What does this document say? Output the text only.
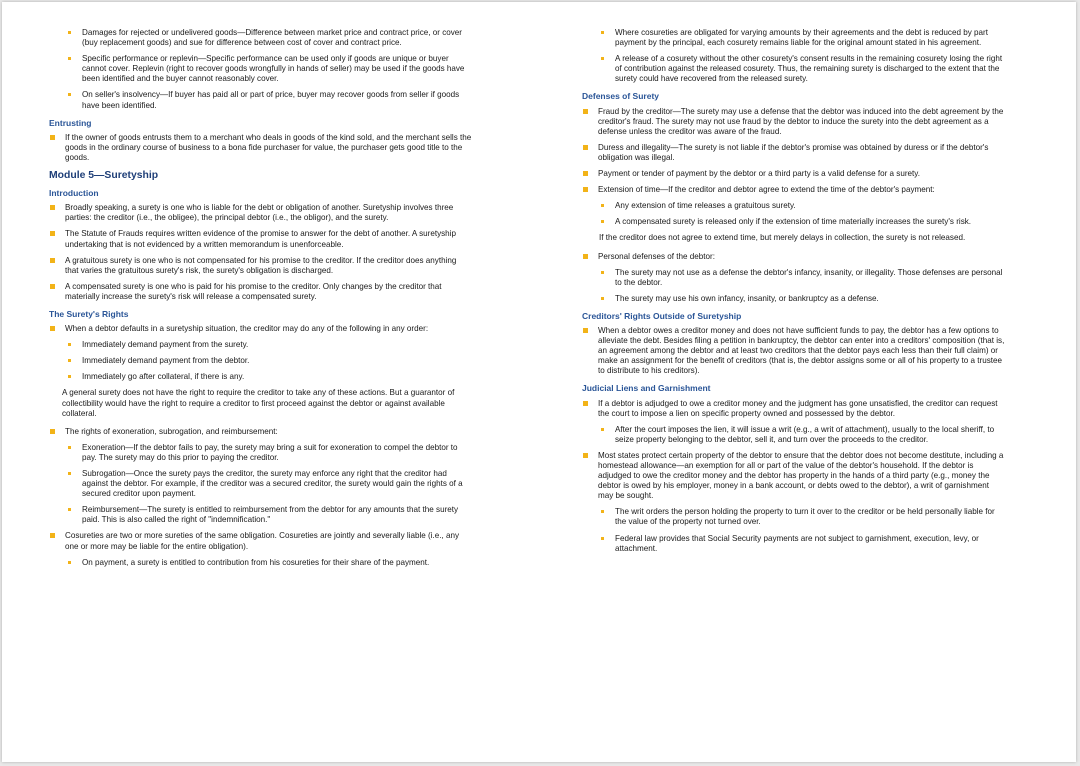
Damages for rejected or undelivered goods—Difference between market price and contract price, or cover (buy replacement goods) and sue for difference between cost of cover and contract price.
Specific performance or replevin—Specific performance can be used only if goods are unique or buyer cannot cover. Replevin (right to recover goods wrongfully in hands of seller) may be used if the goods have been identified and the buyer cannot reasonably cover.
On seller's insolvency—If buyer has paid all or part of price, buyer may recover goods from seller if goods have been identified.
Entrusting
If the owner of goods entrusts them to a merchant who deals in goods of the kind sold, and the merchant sells the goods in the ordinary course of business to a bona fide purchaser for value, the purchaser gets good title to the goods.
Module 5—Suretyship
Introduction
Broadly speaking, a surety is one who is liable for the debt or obligation of another. Suretyship involves three parties: the creditor (i.e., the obligee), the principal debtor (i.e., the obligor), and the surety.
The Statute of Frauds requires written evidence of the promise to answer for the debt of another. A suretyship undertaking that is not evidenced by a written memorandum is unenforceable.
A gratuitous surety is one who is not compensated for his promise to the creditor. If the creditor does anything that varies the gratuitous surety's risk, the surety's obligation is discharged.
A compensated surety is one who is paid for his promise to the creditor. Only changes by the creditor that materially increase the surety's risk will release a compensated surety.
The Surety's Rights
When a debtor defaults in a suretyship situation, the creditor may do any of the following in any order:
Immediately demand payment from the surety.
Immediately demand payment from the debtor.
Immediately go after collateral, if there is any.
A general surety does not have the right to require the creditor to take any of these actions. But a guarantor of collectibility would have the right to require a creditor to first proceed against the debtor or against available collateral.
The rights of exoneration, subrogation, and reimbursement:
Exoneration—If the debtor fails to pay, the surety may bring a suit for exoneration to compel the debtor to pay. The surety may do this prior to paying the creditor.
Subrogation—Once the surety pays the creditor, the surety may enforce any right that the creditor had against the debtor. For example, if the creditor was a secured creditor, the surety would gain the rights of a secured creditor upon payment.
Reimbursement—The surety is entitled to reimbursement from the debtor for any amounts that the surety paid. This is also called the right of "indemnification."
Cosureties are two or more sureties of the same obligation. Cosureties are jointly and severally liable (i.e., any one or more may be liable for the entire obligation).
On payment, a surety is entitled to contribution from his cosureties for their share of the payment.
Where cosureties are obligated for varying amounts by their agreements and the debt is reduced by part payment by the principal, each cosurety remains liable for the original amount stated in his agreement.
A release of a cosurety without the other cosurety's consent results in the remaining cosurety losing the right of contribution against the released cosurety. Thus, the remaining surety is discharged to the extent that the surety could have recovered from the released surety.
Defenses of Surety
Fraud by the creditor—The surety may use a defense that the debtor was induced into the debt agreement by the creditor's fraud. The surety may not use fraud by the debtor to induce the surety into the debt agreement as a defense unless the creditor was aware of the fraud.
Duress and illegality—The surety is not liable if the debtor's promise was obtained by duress or if the debtor's obligation was illegal.
Payment or tender of payment by the debtor or a third party is a valid defense for a surety.
Extension of time—If the creditor and debtor agree to extend the time of the debtor's payment:
Any extension of time releases a gratuitous surety.
A compensated surety is released only if the extension of time materially increases the surety's risk.
If the creditor does not agree to extend time, but merely delays in collection, the surety is not released.
Personal defenses of the debtor:
The surety may not use as a defense the debtor's infancy, insanity, or illegality. Those defenses are personal to the debtor.
The surety may use his own infancy, insanity, or bankruptcy as a defense.
Creditors' Rights Outside of Suretyship
When a debtor owes a creditor money and does not have sufficient funds to pay, the debtor has a few options to alleviate the debt. Besides filing a petition in bankruptcy, the debtor can enter into a creditors' composition (that is, an agreement among the debtor and at least two creditors that the debtor pays each less than their full claim) or make an assignment for the benefit of creditors (that is, the debtor assigns some or all of his property to a trustee to distribute to his creditors).
Judicial Liens and Garnishment
If a debtor is adjudged to owe a creditor money and the judgment has gone unsatisfied, the creditor can request the court to impose a lien on specific property owned and possessed by the debtor.
After the court imposes the lien, it will issue a writ (e.g., a writ of attachment), usually to the local sheriff, to seize property belonging to the debtor, sell it, and turn over the proceeds to the creditor.
Most states protect certain property of the debtor to ensure that the debtor does not become destitute, including a homestead allowance—an exemption for all or part of the value of the debtor's household. If the debtor is adjudged to owe the creditor money and the debtor has property in the hands of a third party (e.g., money the debtor is owed by his employer, money in a bank account, or debts owed to the debtor), a writ of garnishment may be sought.
The writ orders the person holding the property to turn it over to the creditor or be held personally liable for the value of the property not turned over.
Federal law provides that Social Security payments are not subject to garnishment, execution, levy, or attachment.
